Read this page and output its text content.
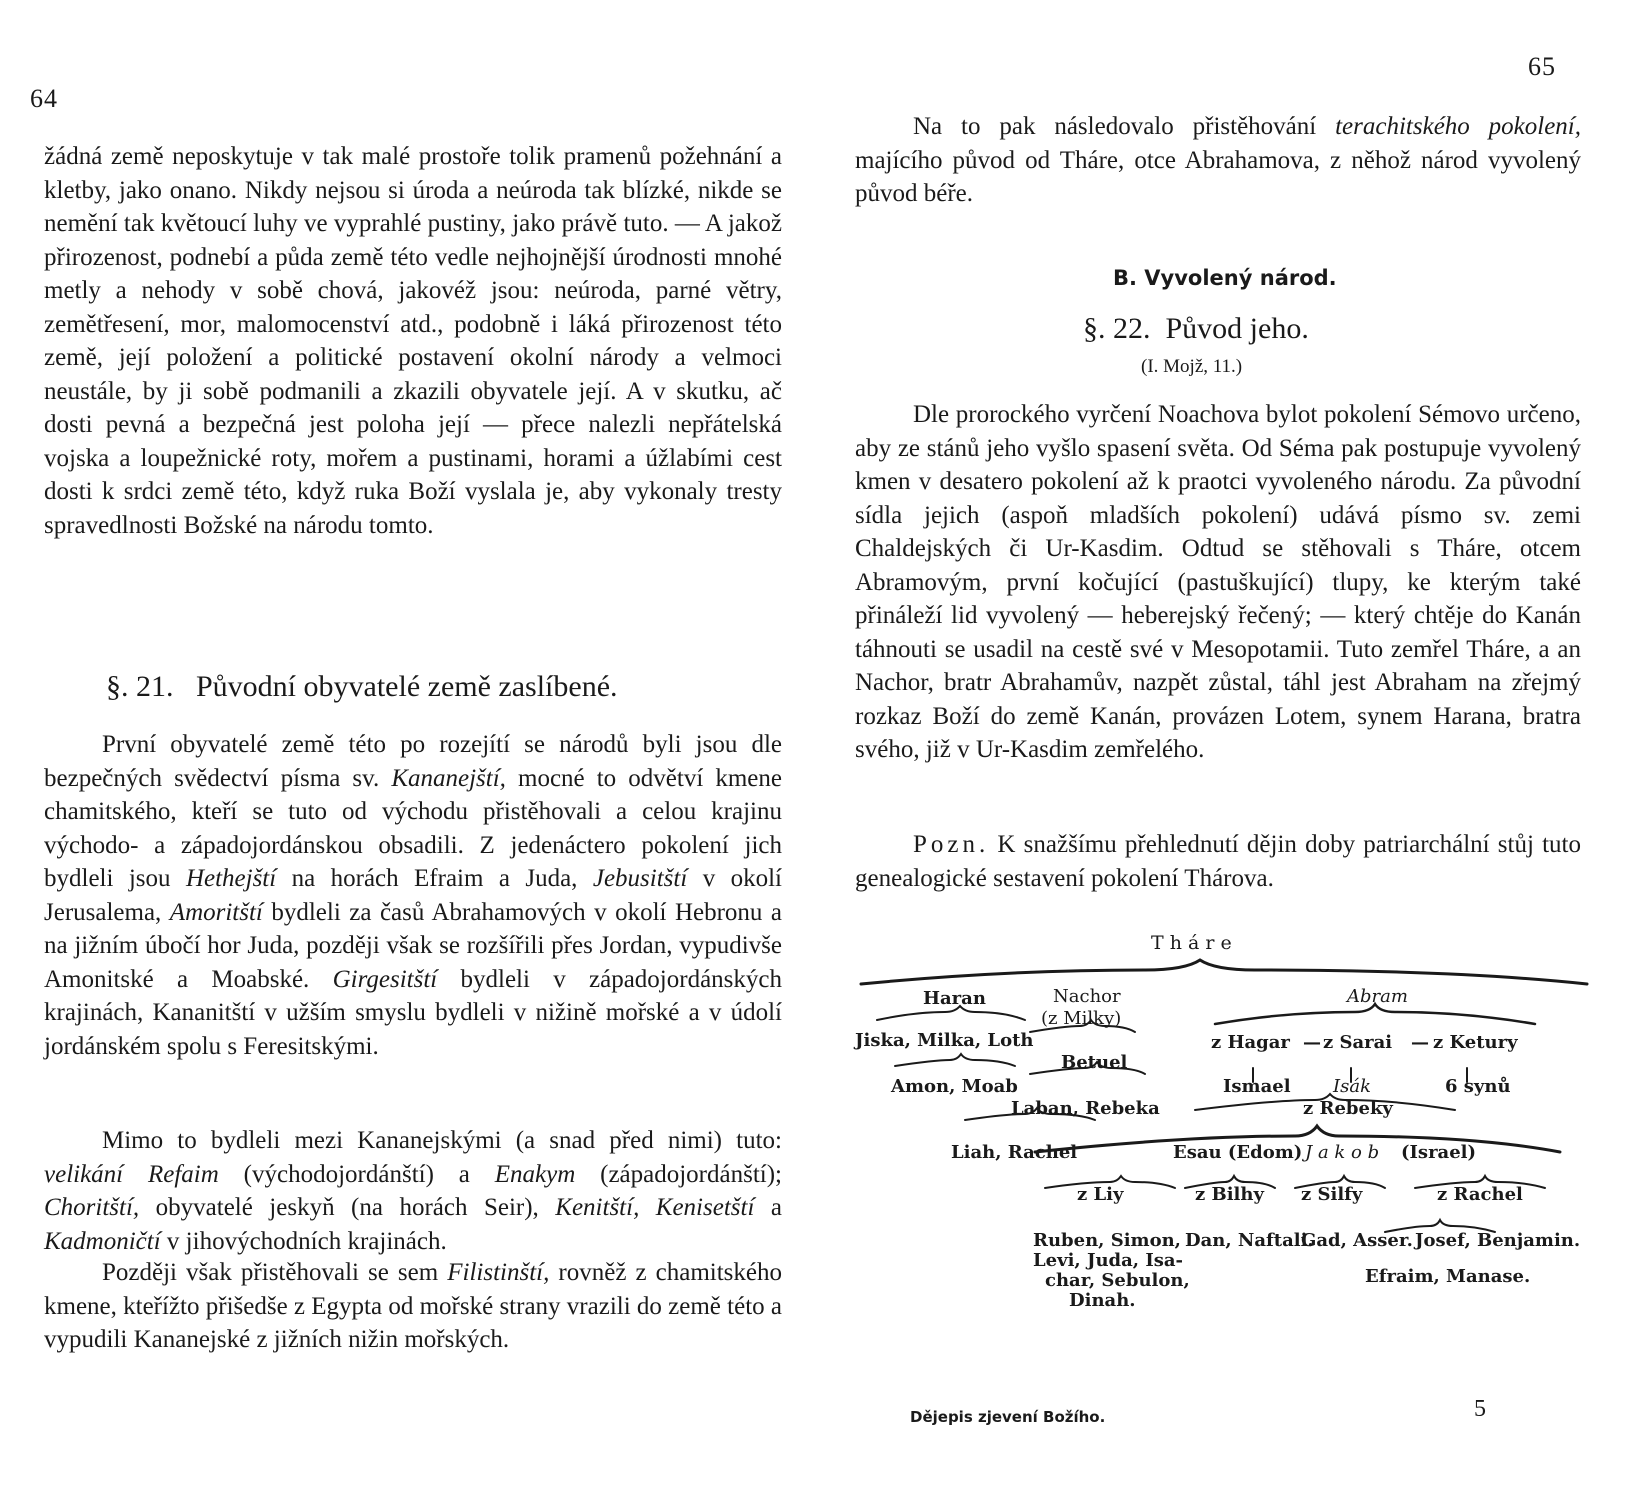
64

žádná země neposkytuje v tak malé prostoře tolik pramenů požehnání a kletby, jako onano. Nikdy nejsou si úroda a neúroda tak blízké, nikde se nemění tak květoucí luhy ve vyprahlé pustiny, jako právě tuto. — A jakož přirozenost, podnebí a půda země této vedle nejhojnější úrodnosti mnohé metly a nehody v sobě chová, jakovéž jsou: neúroda, parné větry, zemětřesení, mor, malomocenství atd., podobně i láká přirozenost této země, její položení a politické postavení okolní národy a velmoci neustále, by ji sobě podmanili a zkazili obyvatele její. A v skutku, ač dosti pevná a bezpečná jest poloha její — přece nalezli nepřátelská vojska a loupežnické roty, mořem a pustinami, horami a úžlabími cest dosti k srdci země této, když ruka Boží vyslala je, aby vykonaly tresty spravedlnosti Božské na národu tomto.

§. 21. Původní obyvatelé země zaslíbené.

První obyvatelé země této po rozejítí se národů byli jsou dle bezpečných svědectví písma sv. Kananejští, mocné to odvětví kmene chamitského, kteří se tuto od východu přistěhovali a celou krajinu východo- a západojordánskou obsadili. Z jedenáctero pokolení jich bydleli jsou Hethejští na horách Efraim a Juda, Jebusitští v okolí Jerusalema, Amoritští bydleli za časů Abrahamových v okolí Hebronu a na jižním úbočí hor Juda, později však se rozšířili přes Jordan, vypudivše Amonitské a Moabské. Girgesitští bydleli v západojordánských krajinách, Kananitští v užším smyslu bydleli v nižině mořské a v údolí jordánském spolu s Feresitskými.

Mimo to bydleli mezi Kananejskými (a snad před nimi) tuto: velikání Refaim (východojordánští) a Enakym (západojordánští); Choritští, obyvatelé jeskyň (na horách Seir), Kenitští, Kenisetští a Kadmoničtí v jihovýchodních krajinách.

Později však přistěhovali se sem Filistinští, rovněž z chamitského kmene, kteřížto přišedše z Egypta od mořské strany vrazili do země této a vypudili Kananejské z jižních nižin mořských.

65

Na to pak následovalo přistěhování terachitského pokolení, majícího původ od Tháre, otce Abrahamova, z něhož národ vyvolený původ béře.

B. Vyvolený národ.
§. 22. Původ jeho.
(I. Mojž, 11.)

Dle prorockého vyrčení Noachova bylot pokolení Sémovo určeno, aby ze stánů jeho vyšlo spasení světa. Od Séma pak postupuje vyvolený kmen v desatero pokolení až k praotci vyvoleného národu. Za původní sídla jejich (aspoň mladších pokolení) udává písmo sv. zemi Chaldejských či Ur-Kasdim. Odtud se stěhovali s Tháre, otcem Abramovým, první kočující (pastuškující) tlupy, ke kterým také přináleží lid vyvolený — heberejský řečený; — který chtěje do Kanán táhnouti se usadil na cestě své v Mesopotamii. Tuto zemřel Tháre, a an Nachor, bratr Abrahamův, nazpět zůstal, táhl jest Abraham na zřejmý rozkaz Boží do země Kanán, provázen Lotem, synem Harana, bratra svého, již v Ur-Kasdim zemřelého.

Pozn. K snažšímu přehlednutí dějin doby patriarchální stůj tuto genealogické sestavení pokolení Thárova.

T h á r e
Haran	Nachor
(z Milky)
Abram
Jiska, Milka, Loth
Betuel
z Hagar — z Sarai — z Ketury
Amon, Moab	Ismael Isák	6 synů
Laban, Rebeka	z Rebeky
Liah, Rachel	Esau (Edom) J a k o b (Israel)
z Liy	z Bilhy z Silfy	z Rachel
Ruben, Simon,
Levi, Juda, Isa-
char, Sebulon,
Dinah.
Dan, Naftali.
Gad, Asser. Josef, Benjamin.
Efraim, Manase.
Dějepis zjevení Božího.	5
